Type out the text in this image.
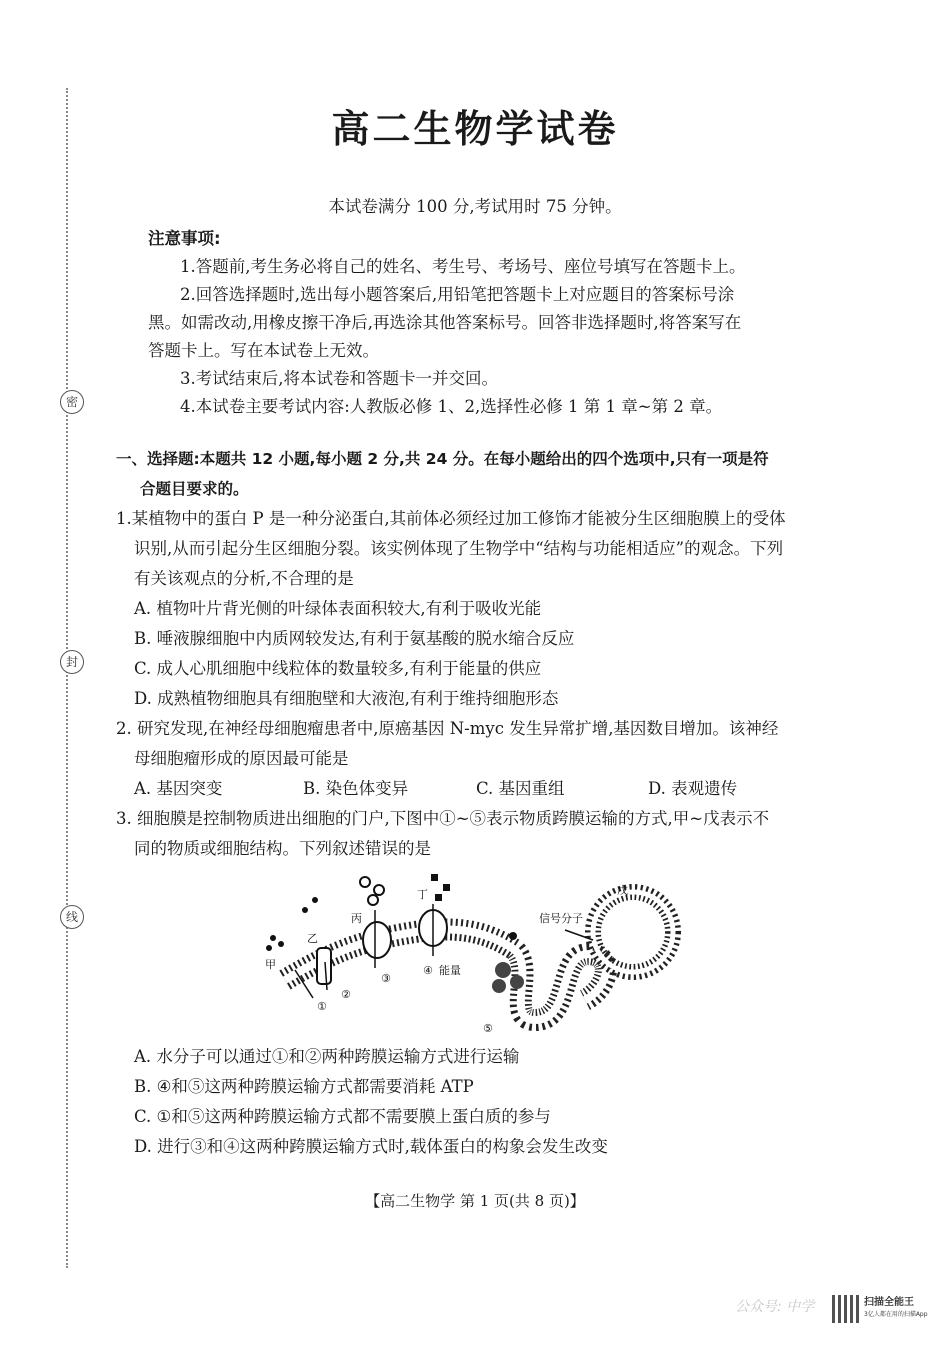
密
封
线
高二生物学试卷
本试卷满分 100 分,考试用时 75 分钟。
注意事项:
1.答题前,考生务必将自己的姓名、考生号、考场号、座位号填写在答题卡上。
2.回答选择题时,选出每小题答案后,用铅笔把答题卡上对应题目的答案标号涂
黑。如需改动,用橡皮擦干净后,再选涂其他答案标号。回答非选择题时,将答案写在
答题卡上。写在本试卷上无效。
3.考试结束后,将本试卷和答题卡一并交回。
4.本试卷主要考试内容:人教版必修 1、2,选择性必修 1 第 1 章~第 2 章。
一、选择题:本题共 12 小题,每小题 2 分,共 24 分。在每小题给出的四个选项中,只有一项是符
合题目要求的。
1.某植物中的蛋白 P 是一种分泌蛋白,其前体必须经过加工修饰才能被分生区细胞膜上的受体
识别,从而引起分生区细胞分裂。该实例体现了生物学中“结构与功能相适应”的观念。下列
有关该观点的分析,不合理的是
A. 植物叶片背光侧的叶绿体表面积较大,有利于吸收光能
B. 唾液腺细胞中内质网较发达,有利于氨基酸的脱水缩合反应
C. 成人心肌细胞中线粒体的数量较多,有利于能量的供应
D. 成熟植物细胞具有细胞壁和大液泡,有利于维持细胞形态
2. 研究发现,在神经母细胞瘤患者中,原癌基因 N-myc 发生异常扩增,基因数目增加。该神经
母细胞瘤形成的原因最可能是
A. 基因突变	B. 染色体变异	C. 基因重组	D. 表观遗传
3. 细胞膜是控制物质进出细胞的门户,下图中①~⑤表示物质跨膜运输的方式,甲~戊表示不
同的物质或细胞结构。下列叙述错误的是
甲
乙
丙
丁	戊
信号分子
能量
①
②
③
④
⑤
A. 水分子可以通过①和②两种跨膜运输方式进行运输
B. ④和⑤这两种跨膜运输方式都需要消耗 ATP
C. ①和⑤这两种跨膜运输方式都不需要膜上蛋白质的参与
D. 进行③和④这两种跨膜运输方式时,载体蛋白的构象会发生改变
【高二生物学 第 1 页(共 8 页)】
公众号: 中学	扫描全能王
3亿人都在用的扫描App
